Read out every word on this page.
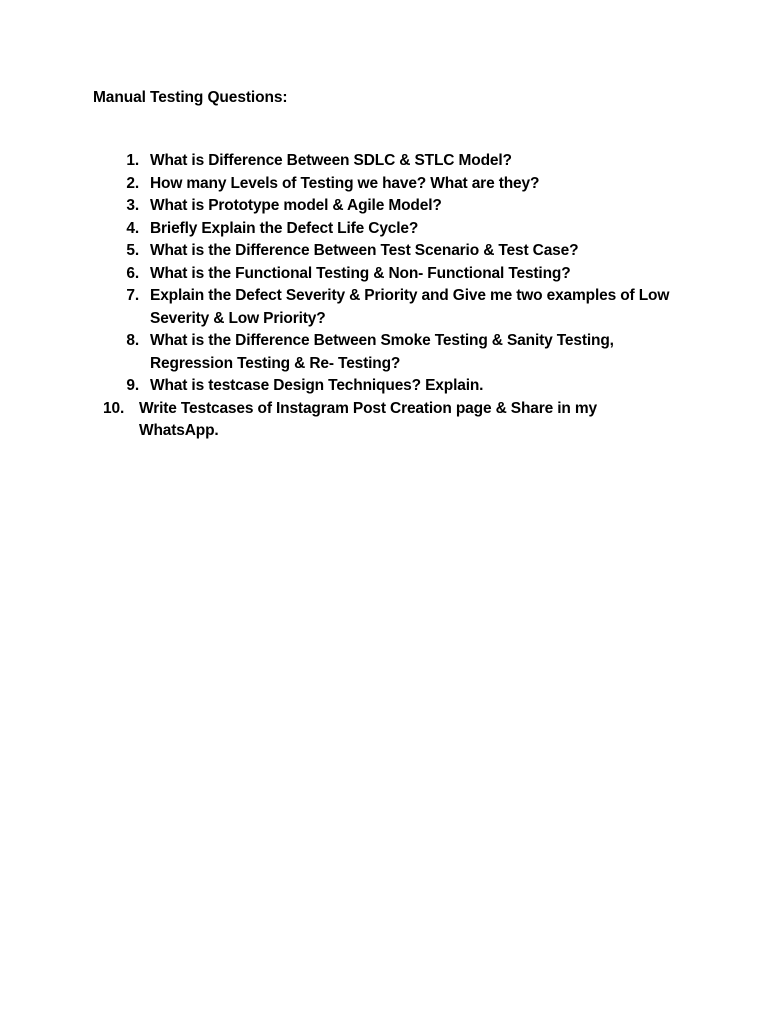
Manual Testing Questions:
1. What is Difference Between SDLC & STLC Model?
2. How many Levels of Testing we have? What are they?
3. What is Prototype model & Agile Model?
4. Briefly Explain the Defect Life Cycle?
5. What is the Difference Between Test Scenario & Test Case?
6. What is the Functional Testing & Non- Functional Testing?
7. Explain the Defect Severity & Priority and Give me two examples of Low Severity & Low Priority?
8. What is the Difference Between Smoke Testing & Sanity Testing, Regression Testing & Re- Testing?
9. What is testcase Design Techniques? Explain.
10. Write Testcases of Instagram Post Creation page & Share in my WhatsApp.
